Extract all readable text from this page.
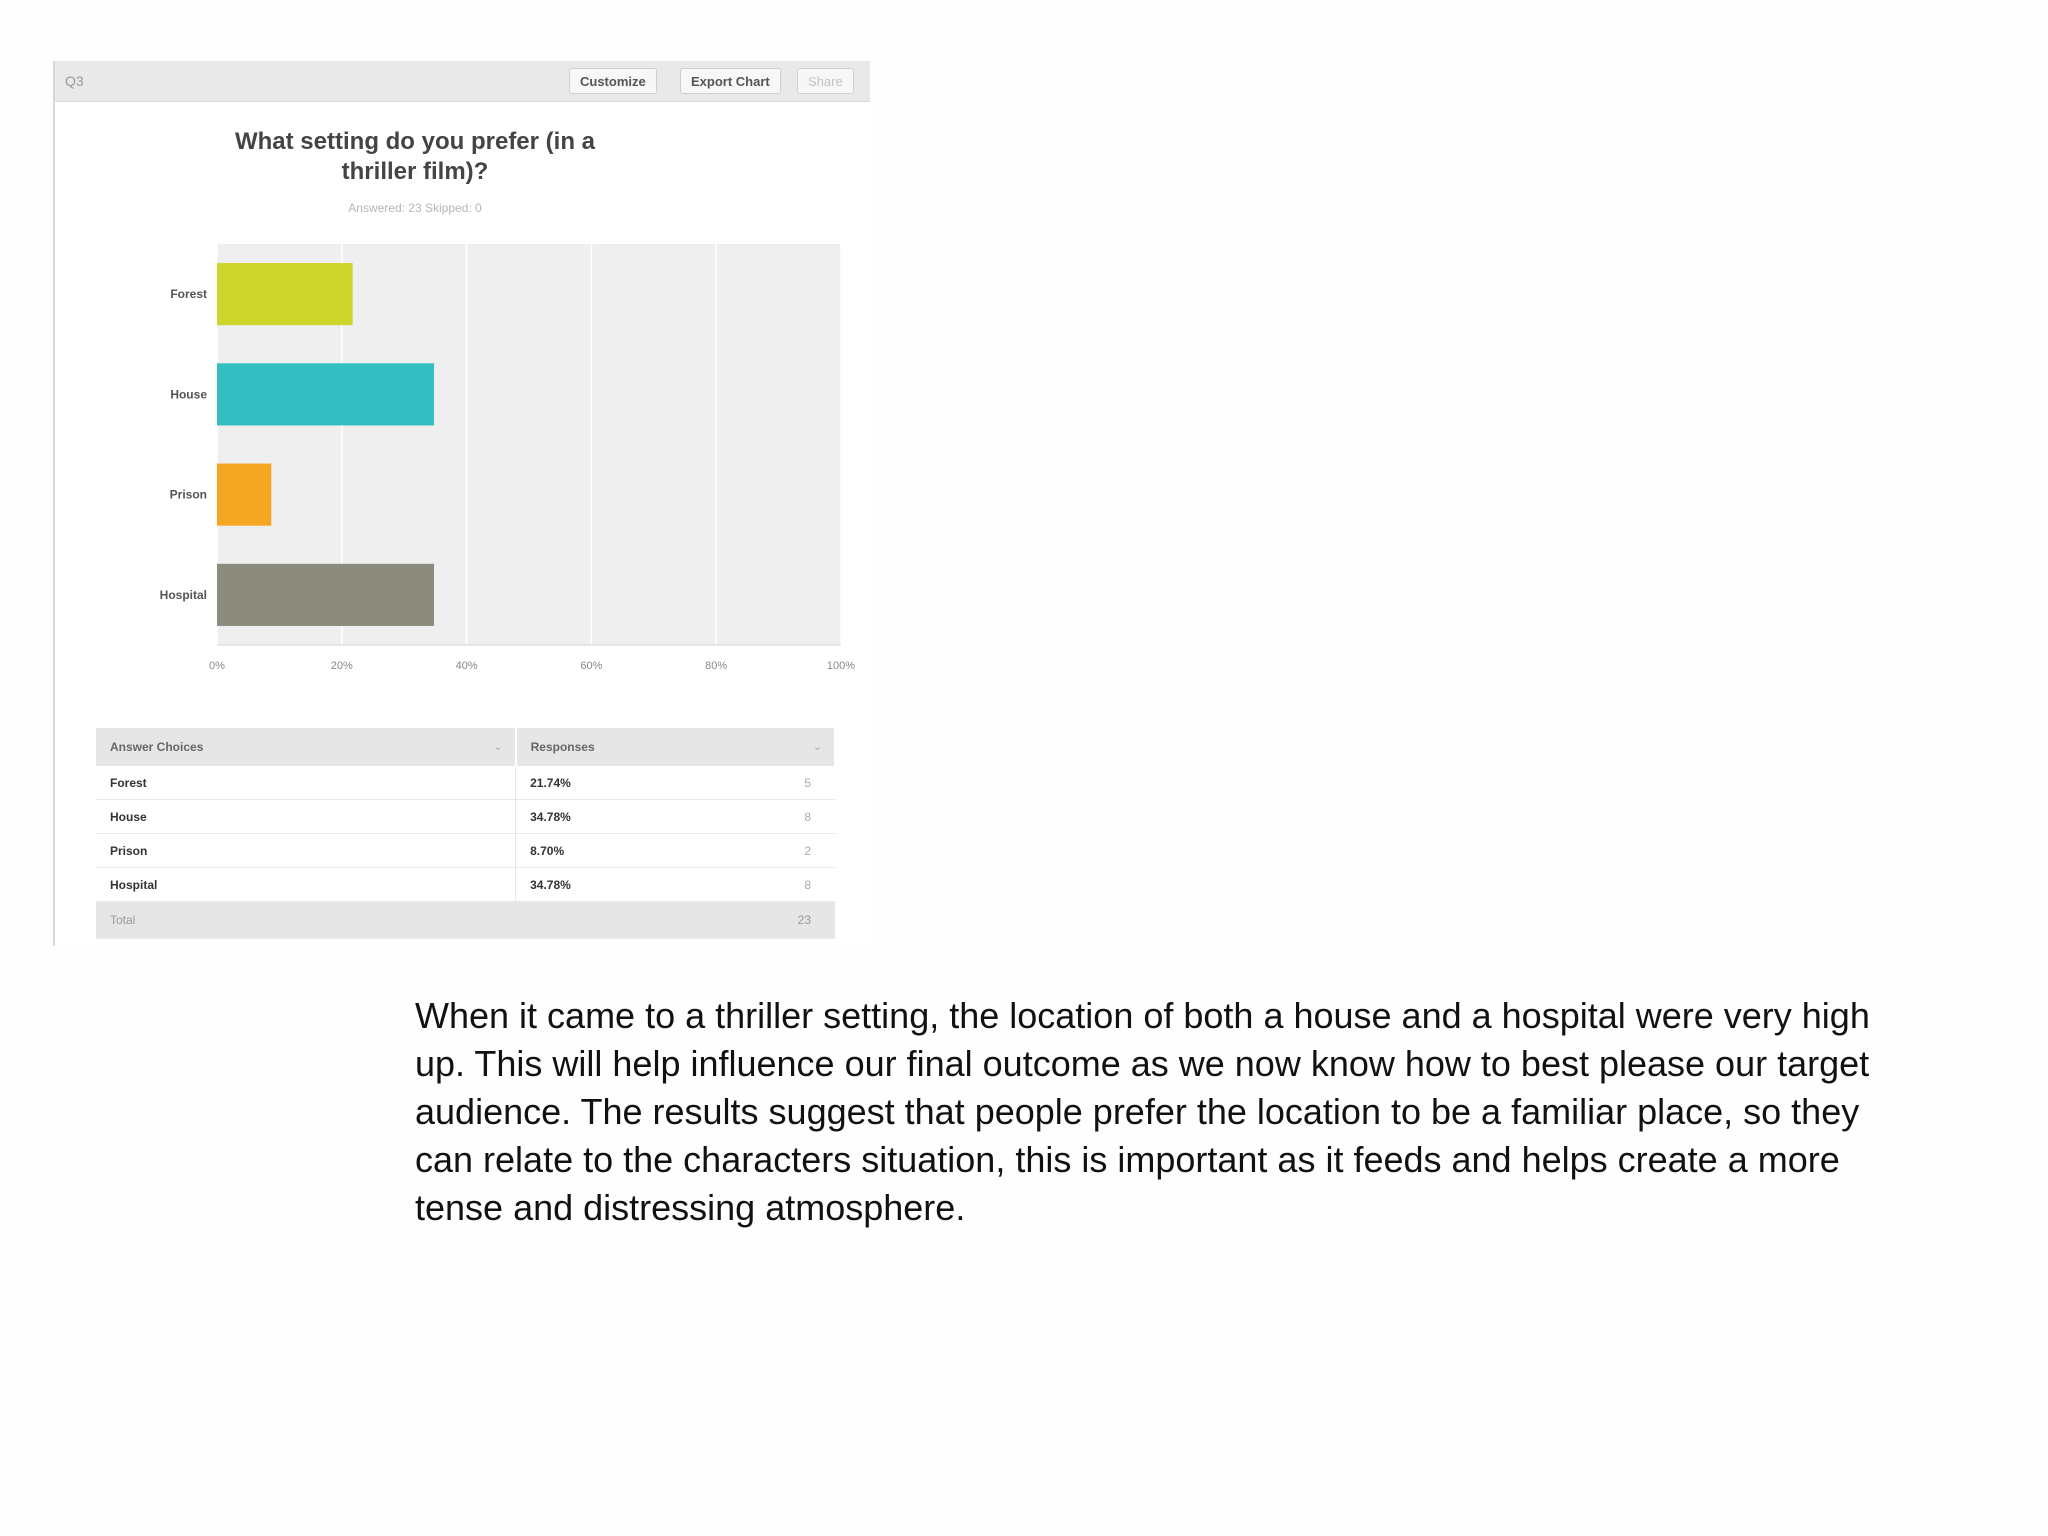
Q3	Customize	Export Chart	Share
What setting do you prefer (in a thriller film)?
Answered: 23 Skipped: 0
0%	20%	40%	60%	80%	100%
Forest
House
Prison
Hospital
Answer Choices ⌄	Responses ⌄	

Forest	21.74%	5
House	34.78%	8
Prison	8.70%	2
Hospital	34.78%	8
Total		23

When it came to a thriller setting, the location of both a house and a hospital were very high up. This will help influence our final outcome as we now know how to best please our target audience. The results suggest that people prefer the location to be a familiar place, so they can relate to the characters situation, this is important as it feeds and helps create a more tense and distressing atmosphere.
